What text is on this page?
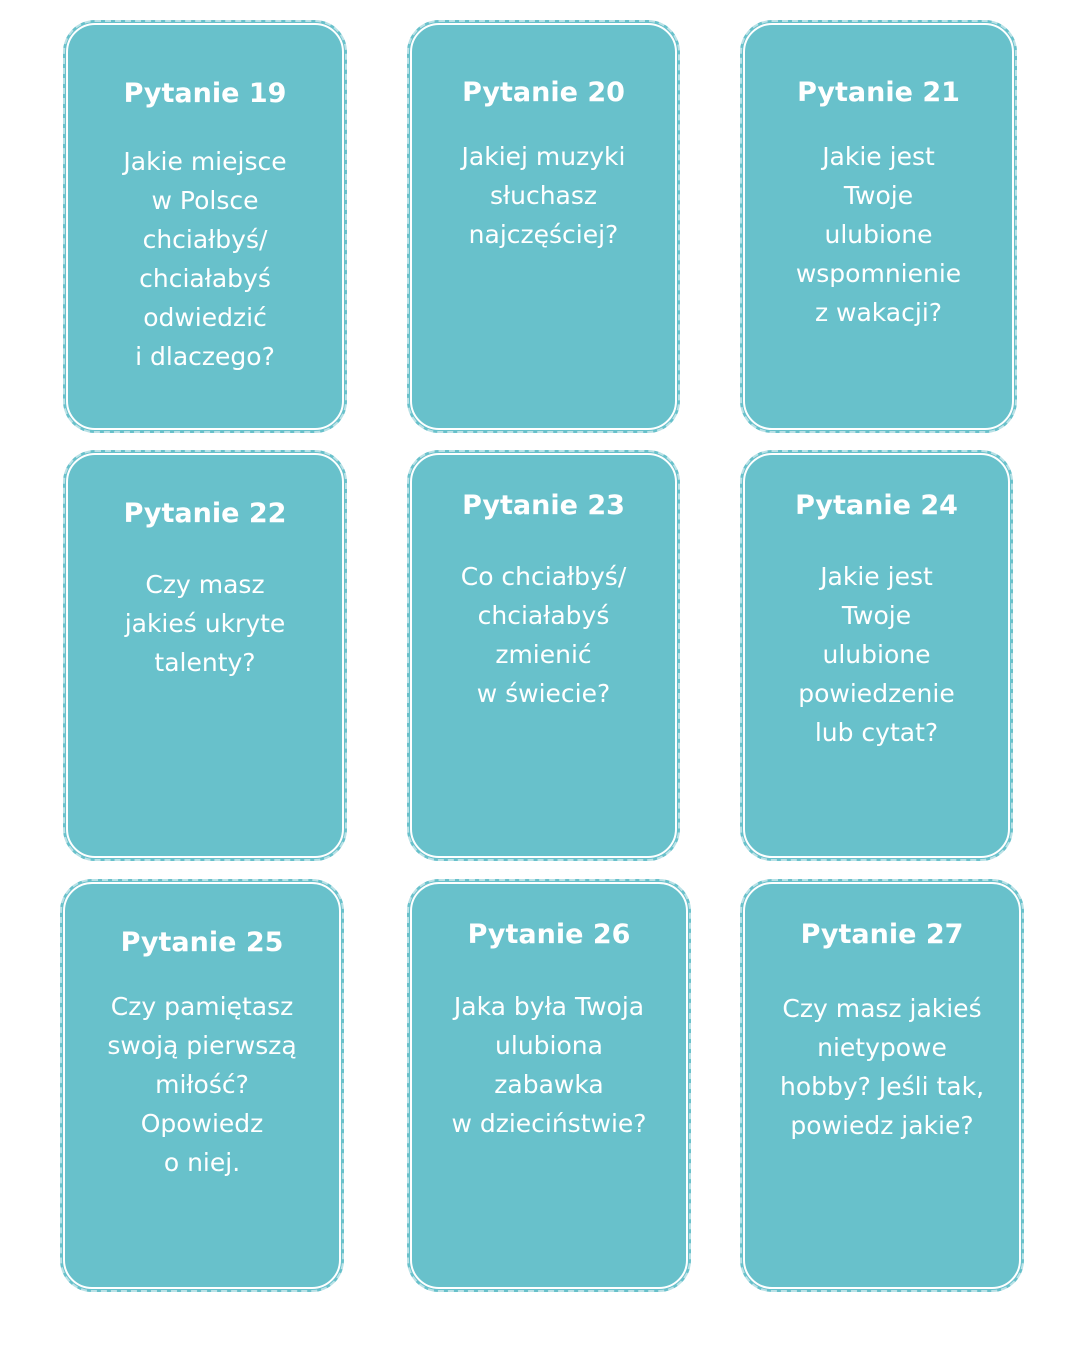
Pytanie 19
Jakie miejsce
w Polsce
chciałbyś/
chciałabyś
odwiedzić
i dlaczego?
Pytanie 20
Jakiej muzyki
słuchasz
najczęściej?
Pytanie 21
Jakie jest
Twoje
ulubione
wspomnienie
z wakacji?
Pytanie 22
Czy masz
jakieś ukryte
talenty?
Pytanie 23
Co chciałbyś/
chciałabyś
zmienić
w świecie?
Pytanie 24
Jakie jest
Twoje
ulubione
powiedzenie
lub cytat?
Pytanie 25
Czy pamiętasz
swoją pierwszą
miłość?
Opowiedz
o niej.
Pytanie 26
Jaka była Twoja
ulubiona
zabawka
w dzieciństwie?
Pytanie 27
Czy masz jakieś
nietypowe
hobby? Jeśli tak,
powiedz jakie?
